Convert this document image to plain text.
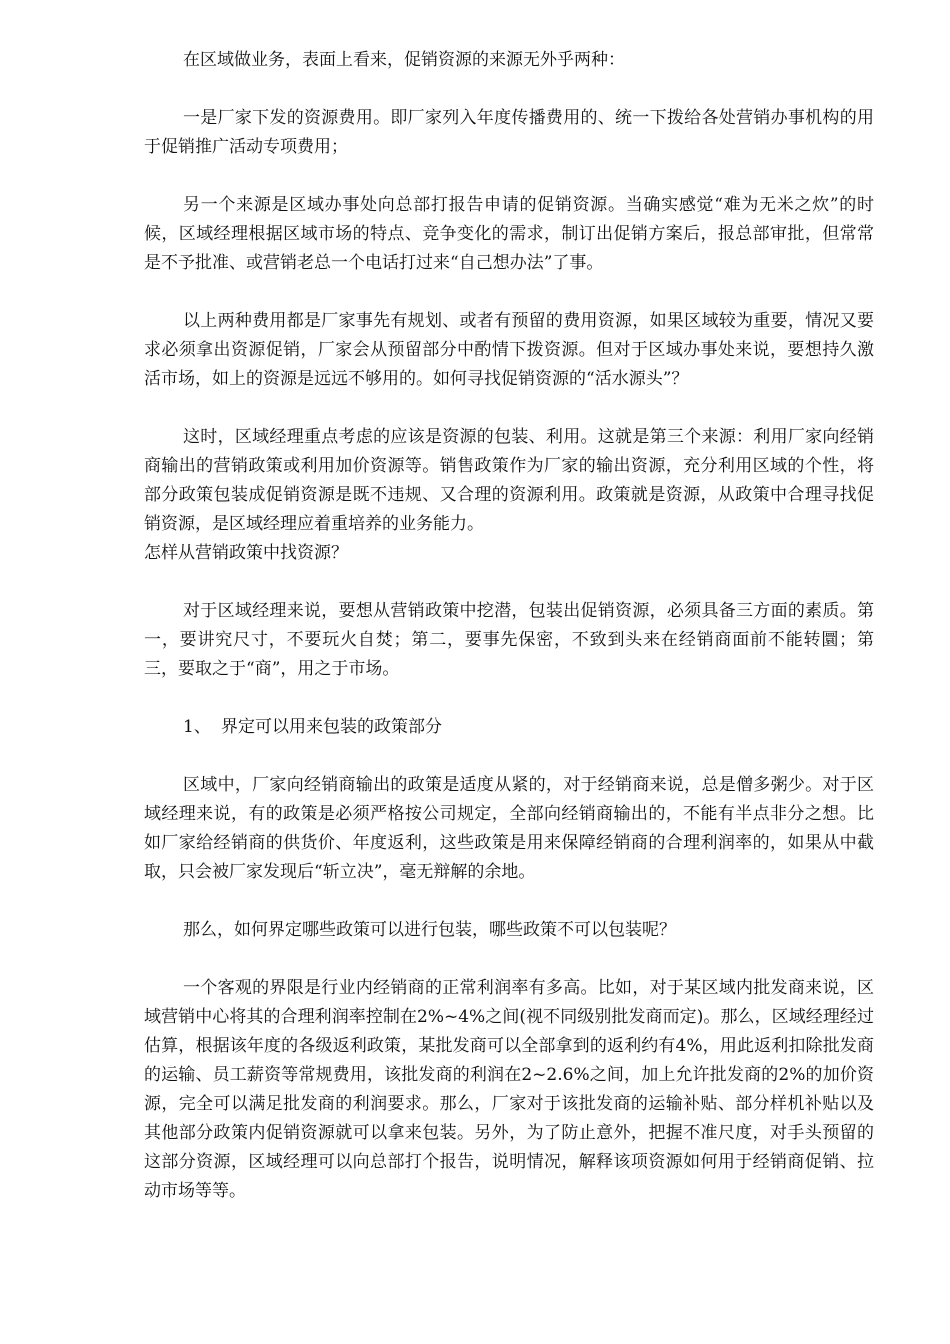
在区域做业务，表面上看来，促销资源的来源无外乎两种：

一是厂家下发的资源费用。即厂家列入年度传播费用的、统一下拨给各处营销办事机构的用于促销推广活动专项费用；

另一个来源是区域办事处向总部打报告申请的促销资源。当确实感觉“难为无米之炊”的时候，区域经理根据区域市场的特点、竞争变化的需求，制订出促销方案后，报总部审批，但常常是不予批准、或营销老总一个电话打过来“自己想办法”了事。

以上两种费用都是厂家事先有规划、或者有预留的费用资源，如果区域较为重要，情况又要求必须拿出资源促销，厂家会从预留部分中酌情下拨资源。但对于区域办事处来说，要想持久激活市场，如上的资源是远远不够用的。如何寻找促销资源的“活水源头”？

这时，区域经理重点考虑的应该是资源的包装、利用。这就是第三个来源：利用厂家向经销商输出的营销政策或利用加价资源等。销售政策作为厂家的输出资源，充分利用区域的个性，将部分政策包装成促销资源是既不违规、又合理的资源利用。政策就是资源，从政策中合理寻找促销资源，是区域经理应着重培养的业务能力。

怎样从营销政策中找资源？

对于区域经理来说，要想从营销政策中挖潜，包装出促销资源，必须具备三方面的素质。第一，要讲究尺寸，不要玩火自焚；第二，要事先保密，不致到头来在经销商面前不能转圜；第三，要取之于“商”，用之于市场。

1、 界定可以用来包装的政策部分

区域中，厂家向经销商输出的政策是适度从紧的，对于经销商来说，总是僧多粥少。对于区域经理来说，有的政策是必须严格按公司规定，全部向经销商输出的，不能有半点非分之想。比如厂家给经销商的供货价、年度返利，这些政策是用来保障经销商的合理利润率的，如果从中截取，只会被厂家发现后“斩立决”，毫无辩解的余地。

那么，如何界定哪些政策可以进行包装，哪些政策不可以包装呢？

一个客观的界限是行业内经销商的正常利润率有多高。比如，对于某区域内批发商来说，区域营销中心将其的合理利润率控制在2%~4%之间(视不同级别批发商而定)。那么，区域经理经过估算，根据该年度的各级返利政策，某批发商可以全部拿到的返利约有4%，用此返利扣除批发商的运输、员工薪资等常规费用，该批发商的利润在2~2.6%之间，加上允许批发商的2%的加价资源，完全可以满足批发商的利润要求。那么，厂家对于该批发商的运输补贴、部分样机补贴以及其他部分政策内促销资源就可以拿来包装。另外，为了防止意外，把握不准尺度，对手头预留的这部分资源，区域经理可以向总部打个报告，说明情况，解释该项资源如何用于经销商促销、拉动市场等等。
